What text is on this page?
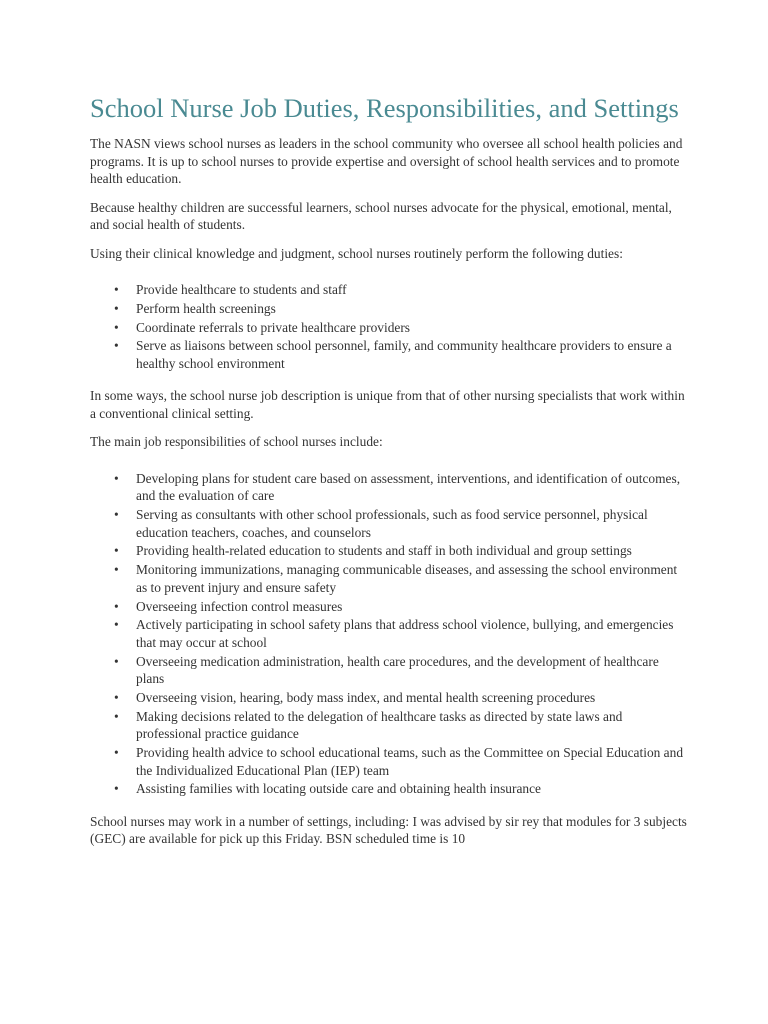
School Nurse Job Duties, Responsibilities, and Settings

The NASN views school nurses as leaders in the school community who oversee all school health policies and programs. It is up to school nurses to provide expertise and oversight of school health services and to promote health education.

Because healthy children are successful learners, school nurses advocate for the physical, emotional, mental, and social health of students.

Using their clinical knowledge and judgment, school nurses routinely perform the following duties:

• Provide healthcare to students and staff
• Perform health screenings
• Coordinate referrals to private healthcare providers
• Serve as liaisons between school personnel, family, and community healthcare providers to ensure a healthy school environment

In some ways, the school nurse job description is unique from that of other nursing specialists that work within a conventional clinical setting.

The main job responsibilities of school nurses include:

• Developing plans for student care based on assessment, interventions, and identification of outcomes, and the evaluation of care
• Serving as consultants with other school professionals, such as food service personnel, physical education teachers, coaches, and counselors
• Providing health-related education to students and staff in both individual and group settings
• Monitoring immunizations, managing communicable diseases, and assessing the school environment as to prevent injury and ensure safety
• Overseeing infection control measures
• Actively participating in school safety plans that address school violence, bullying, and emergencies that may occur at school
• Overseeing medication administration, health care procedures, and the development of healthcare plans
• Overseeing vision, hearing, body mass index, and mental health screening procedures
• Making decisions related to the delegation of healthcare tasks as directed by state laws and professional practice guidance
• Providing health advice to school educational teams, such as the Committee on Special Education and the Individualized Educational Plan (IEP) team
• Assisting families with locating outside care and obtaining health insurance

School nurses may work in a number of settings, including: I was advised by sir rey that modules for 3 subjects (GEC) are available for pick up this Friday. BSN scheduled time is 10
